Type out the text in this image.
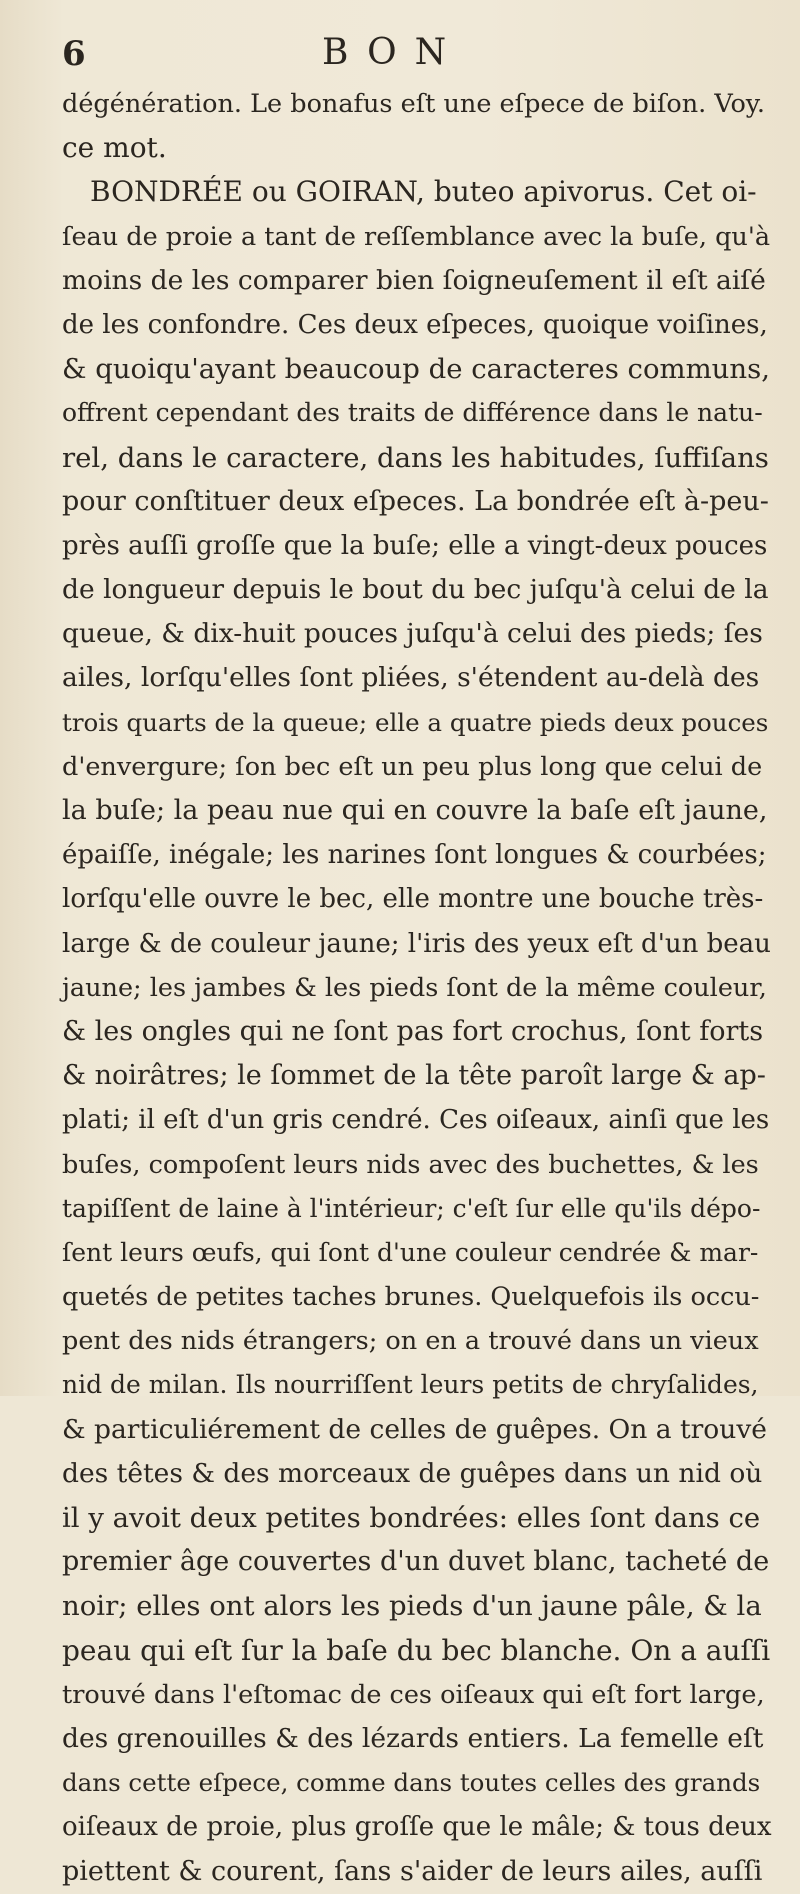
6	BON
dégénération. Le bonafus eſt une eſpece de biſon. Voy.
ce mot.
BONDRÉE ou GOIRAN, buteo apivorus. Cet oi-
ſeau de proie a tant de reſſemblance avec la buſe, qu'à
moins de les comparer bien ſoigneuſement il eſt aiſé
de les confondre. Ces deux eſpeces, quoique voiſines,
& quoiqu'ayant beaucoup de caracteres communs,
offrent cependant des traits de différence dans le natu-
rel, dans le caractere, dans les habitudes, ſuffiſans
pour conſtituer deux eſpeces. La bondrée eſt à-peu-
près auſſi groſſe que la buſe; elle a vingt-deux pouces
de longueur depuis le bout du bec juſqu'à celui de la
queue, & dix-huit pouces juſqu'à celui des pieds; ſes
ailes, lorſqu'elles ſont pliées, s'étendent au-delà des
trois quarts de la queue; elle a quatre pieds deux pouces
d'envergure; ſon bec eſt un peu plus long que celui de
la buſe; la peau nue qui en couvre la baſe eſt jaune,
épaiſſe, inégale; les narines ſont longues & courbées;
lorſqu'elle ouvre le bec, elle montre une bouche très-
large & de couleur jaune; l'iris des yeux eſt d'un beau
jaune; les jambes & les pieds ſont de la même couleur,
& les ongles qui ne ſont pas fort crochus, ſont forts
& noirâtres; le ſommet de la tête paroît large & ap-
plati; il eſt d'un gris cendré. Ces oiſeaux, ainſi que les
buſes, compoſent leurs nids avec des buchettes, & les
tapiſſent de laine à l'intérieur; c'eſt ſur elle qu'ils dépo-
ſent leurs œufs, qui ſont d'une couleur cendrée & mar-
quetés de petites taches brunes. Quelquefois ils occu-
pent des nids étrangers; on en a trouvé dans un vieux
nid de milan. Ils nourriſſent leurs petits de chryſalides,
& particuliérement de celles de guêpes. On a trouvé
des têtes & des morceaux de guêpes dans un nid où
il y avoit deux petites bondrées: elles ſont dans ce
premier âge couvertes d'un duvet blanc, tacheté de
noir; elles ont alors les pieds d'un jaune pâle, & la
peau qui eſt ſur la baſe du bec blanche. On a auſſi
trouvé dans l'eſtomac de ces oiſeaux qui eſt fort large,
des grenouilles & des lézards entiers. La femelle eſt
dans cette eſpece, comme dans toutes celles des grands
oiſeaux de proie, plus groſſe que le mâle; & tous deux
piettent & courent, ſans s'aider de leurs ailes, auſſi
